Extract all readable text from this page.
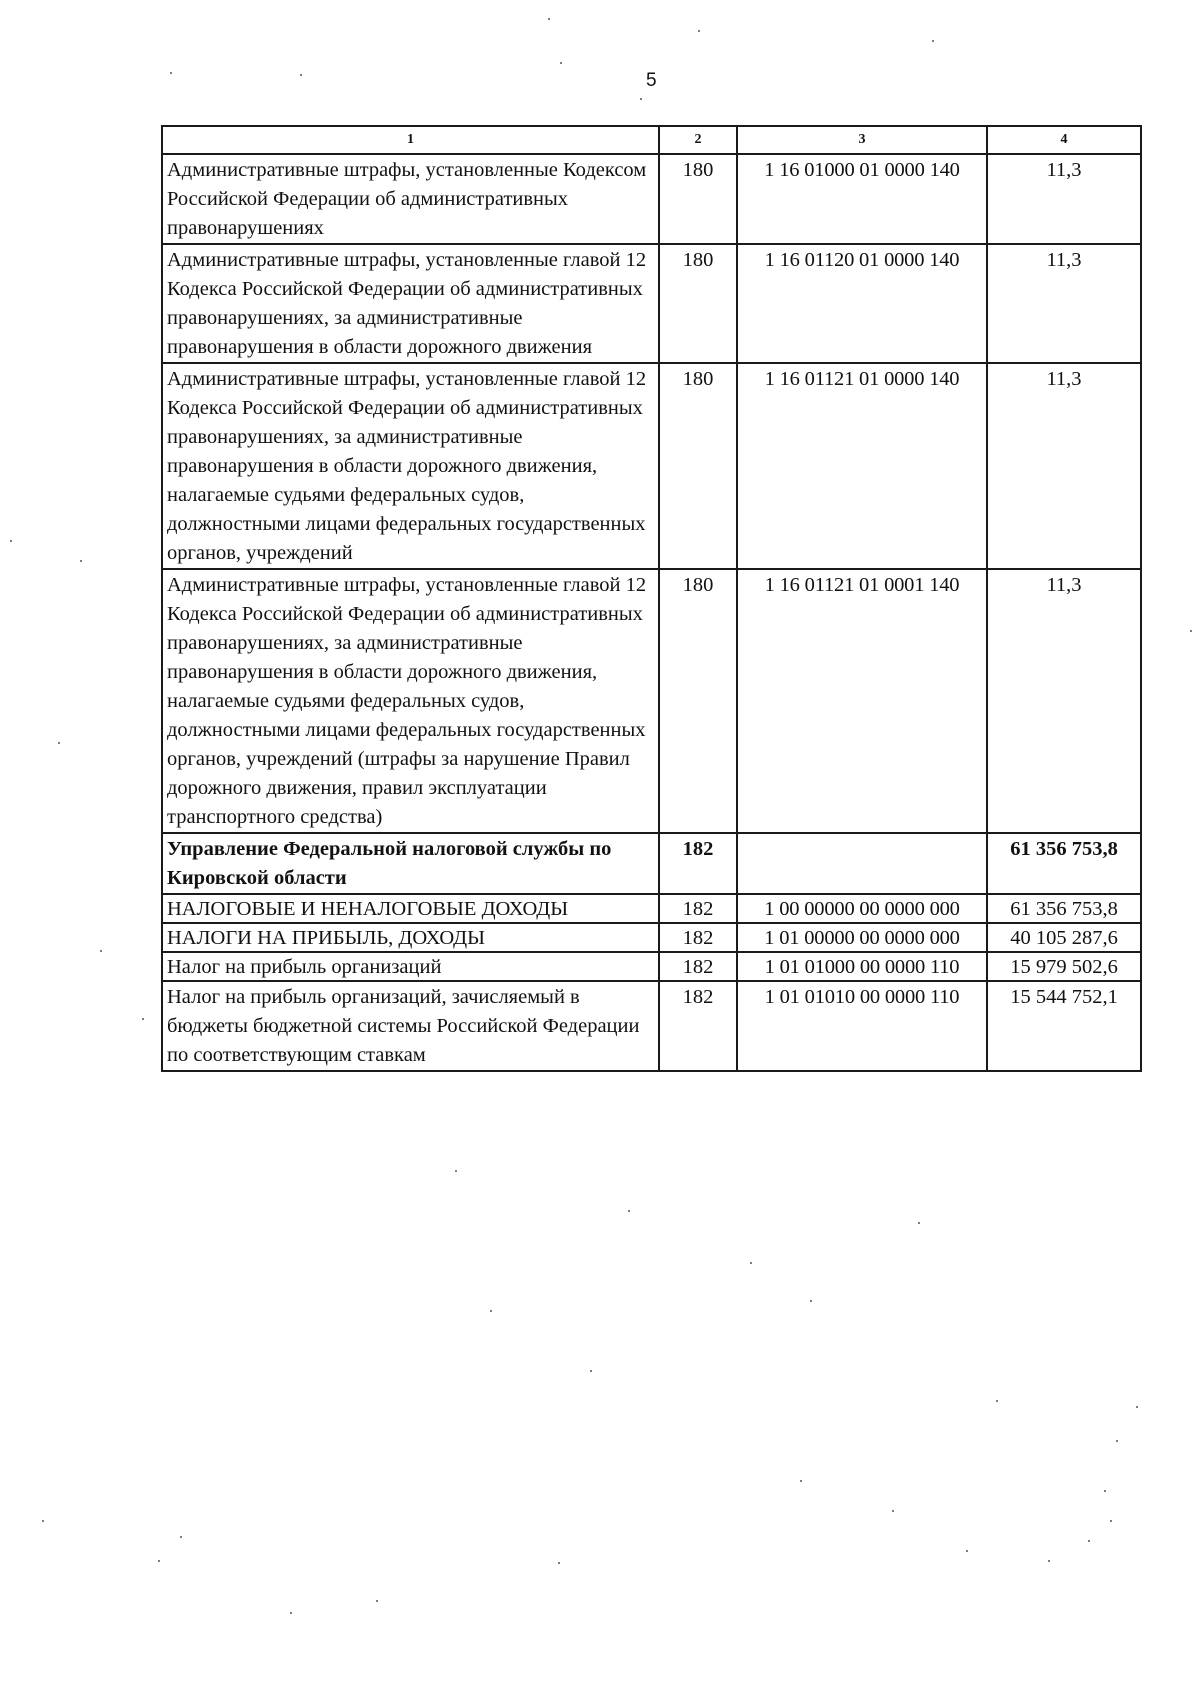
5
1	2	3	4
Административные штрафы, установленные Кодексом Российской Федерации об административных правонарушениях	180	1 16 01000 01 0000 140	11,3
Административные штрафы, установленные главой 12 Кодекса Российской Федерации об административных правонарушениях, за административные правонарушения в области дорожного движения	180	1 16 01120 01 0000 140	11,3
Административные штрафы, установленные главой 12 Кодекса Российской Федерации об административных правонарушениях, за административные правонарушения в области дорожного движения, налагаемые судьями федеральных судов, должностными лицами федеральных государственных органов, учреждений	180	1 16 01121 01 0000 140	11,3
Административные штрафы, установленные главой 12 Кодекса Российской Федерации об административных правонарушениях, за административные правонарушения в области дорожного движения, налагаемые судьями федеральных судов, должностными лицами федеральных государственных органов, учреждений (штрафы за нарушение Правил дорожного движения, правил эксплуатации транспортного средства)	180	1 16 01121 01 0001 140	11,3
Управление Федеральной налоговой службы по Кировской области	182		61 356 753,8
НАЛОГОВЫЕ И НЕНАЛОГОВЫЕ ДОХОДЫ	182	1 00 00000 00 0000 000	61 356 753,8
НАЛОГИ НА ПРИБЫЛЬ, ДОХОДЫ	182	1 01 00000 00 0000 000	40 105 287,6
Налог на прибыль организаций	182	1 01 01000 00 0000 110	15 979 502,6
Налог на прибыль организаций, зачисляемый в бюджеты бюджетной системы Российской Федерации по соответствующим ставкам	182	1 01 01010 00 0000 110	15 544 752,1
